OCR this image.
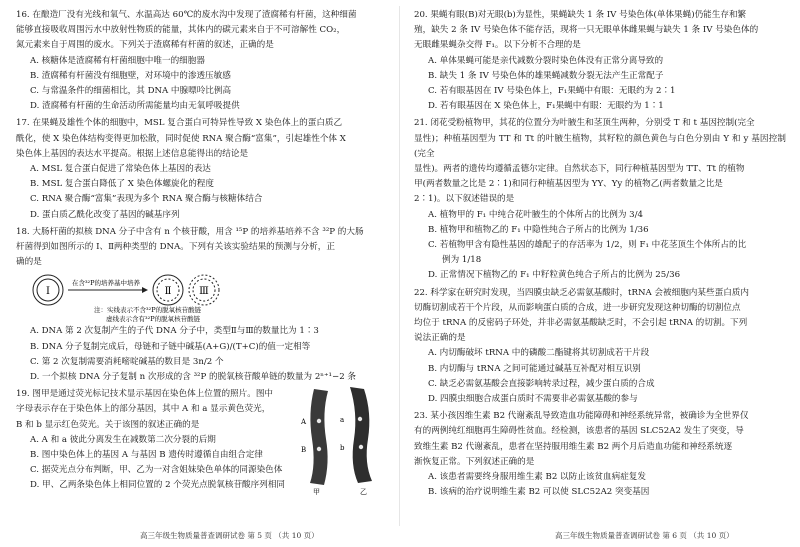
16. 在酿造厂没有光线和氧气、水温高达 60℃的废水沟中发现了渣腐稀有杆菌，这种细菌

能够直接吸收周围污水中放射性物质的能量，其体内的碳元素来自于不可溶解性 CO₂，

氮元素来自于周围的废水。下列关于渣腐稀有杆菌的叙述，正确的是

A. 核糖体是渣腐稀有杆菌细胞中唯一的细胞器

B. 渣腐稀有杆菌没有细胞壁，对环境中的渗透压敏感

C. 与常温条件的细菌相比，其 DNA 中腺嘌呤比例高

D. 渣腐稀有杆菌的生命活动所需能量均由无氧呼吸提供

17. 在果蝇及雄性个体的细胞中，MSL 复合蛋白可特异性导致 X 染色体上的蛋白质乙

酰化，使 X 染色体结构变得更加松散，同时促使 RNA 聚合酶“富集”，引起雄性个体 X

染色体上基因的表达水平提高。根据上述信息能得出的结论是

A. MSL 复合蛋白促进了常染色体上基因的表达

B. MSL 复合蛋白降低了 X 染色体螺旋化的程度

C. RNA 聚合酶“富集”表现为多个 RNA 聚合酶与核糖体结合

D. 蛋白质乙酰化改变了基因的碱基序列

18. 大肠杆菌的拟核 DNA 分子中含有 n 个核苷酸，用含 ¹⁵P 的培养基培养不含 ³²P 的大肠

杆菌得到如图所示的 Ⅰ、Ⅱ两种类型的 DNA。下列有关该实验结果的预测与分析，正

确的是

Ⅰ
在含³²P的培养基中培养
Ⅱ	Ⅲ
注：实线表示不含³²P的脱氧核苷酸链
虚线表示含有³²P的脱氧核苷酸链

A. DNA 第 2 次复制产生的子代 DNA 分子中，类型Ⅱ与Ⅲ的数量比为 1∶3

B. DNA 分子复制完成后，母链和子链中碱基(A+G)/(T+C)的值一定相等

C. 第 2 次复制需要消耗嘧啶碱基的数目是 3n/2 个

D. 一个拟核 DNA 分子复制 n 次形成的含 ³²P 的脱氧核苷酸单链的数量为 2ⁿ⁺¹−2 条

19. 图甲是通过荧光标记技术显示基因在染色体上位置的照片。图中

字母表示存在于染色体上的部分基因，其中 A 和 a 显示黄色荧光，

B 和 b 显示红色荧光。关于该图的叙述正确的是

A. A 和 a 彼此分离发生在减数第二次分裂的后期

B. 图中染色体上的基因 A 与基因 B 遗传时遵循自由组合定律

C. 据荧光点分布判断，甲、乙为一对含姐妹染色单体的同源染色体

D. 甲、乙两条染色体上相同位置的 2 个荧光点脱氧核苷酸序列相同

A
B
a
b
甲	乙

20. 果蝇有眼(B)对无眼(b)为显性，果蝇缺失 1 条 IV 号染色体(单体果蝇)仍能生存和繁

殖，缺失 2 条 IV 号染色体不能存活，现将一只无眼单体雌果蝇与缺失 1 条 IV 号染色体的

无眼雌果蝇杂交得 F₁。以下分析不合理的是

A. 单体果蝇可能是亲代减数分裂时染色体没有正常分离导致的

B. 缺失 1 条 IV 号染色体的雄果蝇减数分裂无法产生正常配子

C. 若有眼基因在 IV 号染色体上，F₁果蝇中有眼：无眼约为 2∶1

D. 若有眼基因在 X 染色体上，F₁果蝇中有眼：无眼约为 1∶1

21. 闭花受粉植物甲，其花的位置分为叶腋生和茎顶生两种，分别受 T 和 t 基因控制(完全

显性)；种植基因型为 TT 和 Tt 的叶腋生植物，其籽粒的颜色黄色与白色分别由 Y 和 y 基因控制(完全

显性)。两者的遗传均遵循孟德尔定律。自然状态下，同行种植基因型为 TT、Tt 的植物

甲(两者数量之比是 2∶1)和同行种植基因型为 YY、Yy 的植物乙(两者数量之比是

2∶1)。以下叙述错误的是

A. 植物甲的 F₁ 中纯合花叶腋生的个体所占的比例为 3/4

B. 植物甲和植物乙的 F₁ 中隐性纯合子所占的比例为 1/36

C. 若植物甲含有隐性基因的雄配子的存活率为 1/2，则 F₁ 中花茎顶生个体所占的比

例为 1/18

D. 正常情况下植物乙的 F₁ 中籽粒黄色纯合子所占的比例为 25/36

22. 科学家在研究时发现，当四膜虫缺乏必需氨基酸时，tRNA 会被细胞内某些蛋白质内

切酶切割成若干个片段，从而影响蛋白质的合成，进一步研究发现这种切酶的切割位点

均位于 tRNA 的反密码子环处，并非必需氨基酸缺乏时，不会引起 tRNA 的切割。下列

说法正确的是

A. 内切酶破坏 tRNA 中的磷酸二酯键将其切割成若干片段

B. 内切酶与 tRNA 之间可能通过碱基互补配对相互识别

C. 缺乏必需氨基酸会直接影响转录过程，减少蛋白质的合成

D. 四膜虫细胞合成蛋白质时不需要非必需氨基酸的参与

23. 某小孩因维生素 B2 代谢紊乱导致造血功能障碍和神经系统异常，被确诊为全世界仅

有的两例纯红细胞再生障碍性贫血。经检测，该患者的基因 SLC52A2 发生了突变，导

致维生素 B2 代谢紊乱，患者在坚持服用维生素 B2 两个月后造血功能和神经系统逐

渐恢复正常。下列叙述正确的是

A. 该患者需要终身服用维生素 B2 以防止该贫血病症复发

B. 该病的治疗说明维生素 B2 可以使 SLC52A2 突变基因

高三年级生物质量普查调研试卷 第 5 页 （共 10 页）	高三年级生物质量普查调研试卷 第 6 页 （共 10 页）
